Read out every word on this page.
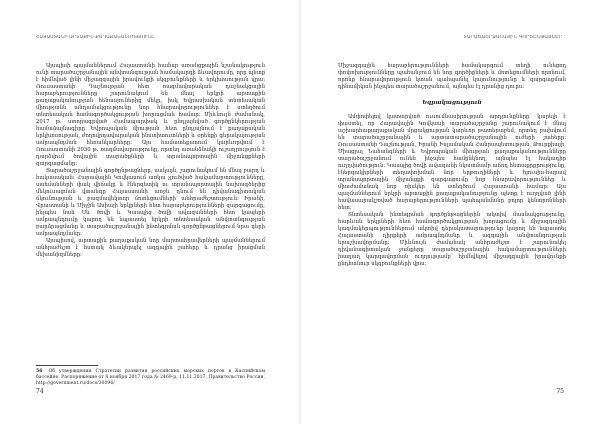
ՀԱՅԱՍՏԱՆԻ ԱՐՏԱՔԻՆ ՔԱՂԱՔԱԿԱՆՈՒԹՅՈՒՆԸ

Այսպիսի պայմաններում Հայաստանի համար առանցքային նշանակություն ունի տարածաշրջանային անվտանգության համակարգի ձևավորումը, որը պետք է հիմնված լինի միջազգային իրավունքի սկզբունքների և երկխոսության վրա։ Ռուսաստանի Դաշնության հետ ռազմավարական դաշնակցային հարաբերությունները շարունակում են մնալ երկրի արտաքին քաղաքականության հենասյուներից մեկը, իսկ Եվրասիական տնտեսական միությանն անդամակցությունը նոր հնարավորություններ է ստեղծում տնտեսական համագործակցության խորացման համար։ Միևնույն ժամանակ, 2017 թ. ստորագրված Համապարփակ և ընդլայնված գործընկերության համաձայնագիրը Եվրոպական միության հետ ընդլայնում է քաղաքական երկխոսության, ժողովրդավարական ինստիտուտների և օրենքի գերակայության ամրապնդման հեռանկարները։ Այս համատեքստում կարևորվում է Ռուսաստանի 2030 թ. ռազմավարությունը, որտեղ առանձնակի ուշադրություն է դարձվում ծովային տարածքների և տրանսպորտային միջանցքների զարգացմանը։

Տարածաշրջանային գործընթացները, սակայն, շարունակում են մնալ բարդ և հակասական։ Հարավային Կովկասում առկա չլուծված հակամարտությունները, սահմանների փակ վիճակը և էներգետիկ ու տրանսպորտային նախագծերից մեկուսացման վտանգը Հայաստանի առջև դնում են դիվանագիտական ճկունության և բազմավեկտոր մոտեցումների անհրաժեշտություն։ Իրանի, Վրաստանի և Միջին Ասիայի երկրների հետ հարաբերությունների զարգացումը, ինչպես նաև Սև ծովի և Կասպից ծովի ավազանների հետ կապերի ամրապնդումը կարող են նպաստել երկրի տնտեսական անվտանգության բարձրացմանը և տարածաշրջանային ինտեգրման գործընթացներում նրա դերի ամրապնդմանը։

Այսպիսով, արտաքին քաղաքական նոր մարտահրավերների պայմաններում անհրաժեշտ է հստակ ձևակերպել ազգային շահերը և դրանց իրացման մեխանիզմները։

56 Об утверждении Стратегии развития российских морских портов в Каспийском бассейне. Распоряжение от 8 ноября 2017 года № 2469-р, 11.11.2017, Правительство России, http://government.ru/docs/30096/
74
ՏԱՐԱԾԱՇՐՋԱՆԱՅԻՆ ԳՈՐԾԸՆԹԱՑՆԵՐ

Միջազգային հարաբերությունների համակարգում տեղի ունեցող փոփոխությունները պահանջում են նոր գործիքների և մոտեցումների որոնում, որոնք հնարավորություն կտան պահպանել կայունությունը և զարգացման դինամիկան ինչպես տարածաշրջանում, այնպես էլ դրանից դուրս։

Եզրակացություն

Ամփոփելով կատարված ուսումնասիրության արդյունքները՝ կարելի է փաստել, որ Հարավային Կովկասի տարածաշրջանը շարունակում է մնալ աշխարհաքաղաքական մրցակցության կարևոր թատերաբեմ, որտեղ բախվում են տարածաշրջանային և արտատարածաշրջանային ուժերի շահերը։ Ռուսաստանի Դաշնության, Իրանի Իսլամական Հանրապետության, Թուրքիայի, Միացյալ Նահանգների և Եվրոպական միության քաղաքականությունները տարածաշրջանում ունեն ինչպես համընկնող, այնպես էլ հակադիր ուղղվածություն։ Կասպից ծովի ավազանի նկատմամբ աճող հետաքրքրությունը, էներգակիրների տեղափոխման նոր երթուղիների և հյուսիս-հարավ տրանսպորտային միջանցքի զարգացումը նոր հնարավորություններ և միաժամանակ նոր ռիսկեր են ստեղծում Հայաստանի համար։ Այս պայմաններում երկրի արտաքին քաղաքականությունը պետք է ուղղված լինի հավասարակշռված հարաբերությունների պահպանմանը բոլոր կենտրոնների հետ։

Տնտեսական ինտեգրման գործընթացներին ակտիվ մասնակցությունը, հարևան երկրների հետ համագործակցության խորացումը և միջազգային կազմակերպություններում ակտիվ դերակատարությունը կարող են նպաստել Հայաստանի դիրքերի ամրապնդմանը և ազգային անվտանգության երաշխավորմանը։ Միևնույն ժամանակ անհրաժեշտ է շարունակել դիվանագիտական ջանքերը տարածաշրջանային հակամարտությունների խաղաղ կարգավորման ուղղությամբ՝ հիմնվելով միջազգային իրավունքի ընդհանուր սկզբունքների վրա։

75
